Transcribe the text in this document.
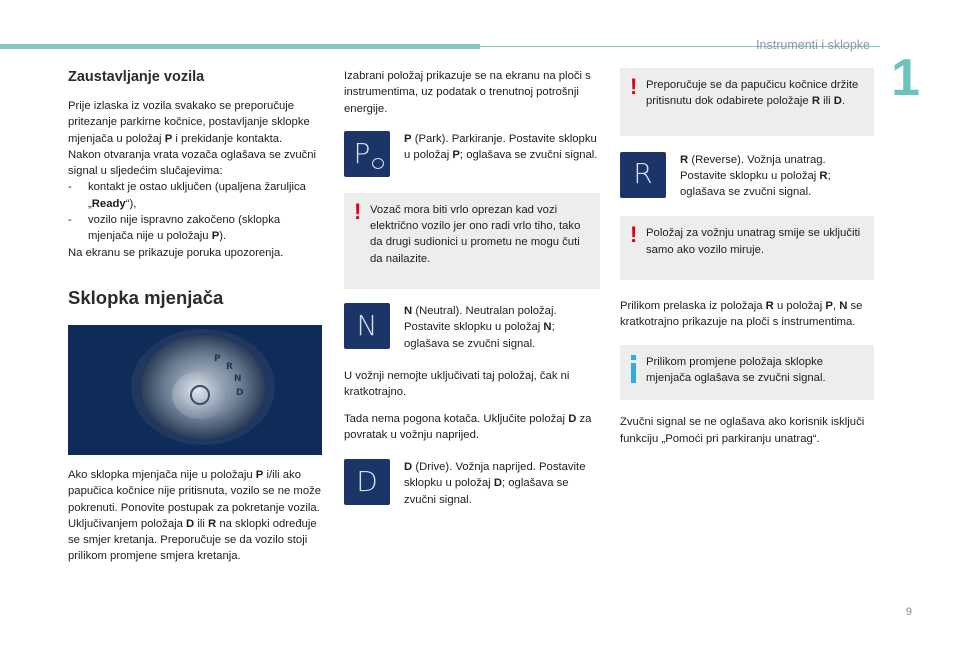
Instrumenti i sklopke
1
9
Zaustavljanje vozila

Prije izlaska iz vozila svakako se preporučuje pritezanje parkirne kočnice, postavljanje sklopke mjenjača u položaj P i prekidanje kontakta.
Nakon otvaranja vrata vozača oglašava se zvučni signal u sljedećim slučajevima:

-	kontakt je ostao uključen (upaljena žaruljica „Ready“),
-	vozilo nije ispravno zakočeno (sklopka mjenjača nije u položaju P).

Na ekranu se prikazuje poruka upozorenja.

Sklopka mjenjača
P
R
N
D

Ako sklopka mjenjača nije u položaju P i/ili ako papučica kočnice nije pritisnuta, vozilo se ne može pokrenuti. Ponovite postupak za pokretanje vozila.

Uključivanjem položaja D ili R na sklopki određuje se smjer kretanja. Preporučuje se da vozilo stoji prilikom promjene smjera kretanja.

Izabrani položaj prikazuje se na ekranu na ploči s instrumentima, uz podatak o trenutnoj potrošnji energije.

P	P (Park). Parkiranje. Postavite sklopku u položaj P; oglašava se zvučni signal.
! Vozač mora biti vrlo oprezan kad vozi električno vozilo jer ono radi vrlo tiho, tako da drugi sudionici u prometu ne mogu čuti da nailazite.
N N (Neutral). Neutralan položaj. Postavite sklopku u položaj N; oglašava se zvučni signal.

U vožnji nemojte uključivati taj položaj, čak ni kratkotrajno.

Tada nema pogona kotača. Uključite položaj D za povratak u vožnju naprijed.

D D (Drive). Vožnja naprijed. Postavite sklopku u položaj D; oglašava se zvučni signal.
! Preporučuje se da papučicu kočnice držite pritisnutu dok odabirete položaje R ili D.
R R (Reverse). Vožnja unatrag. Postavite sklopku u položaj R; oglašava se zvučni signal.
! Položaj za vožnju unatrag smije se uključiti samo ako vozilo miruje.

Prilikom prelaska iz položaja R u položaj P, N se kratkotrajno prikazuje na ploči s instrumentima.

Prilikom promjene položaja sklopke mjenjača oglašava se zvučni signal.

Zvučni signal se ne oglašava ako korisnik isključi funkciju „Pomoći pri parkiranju unatrag“.
